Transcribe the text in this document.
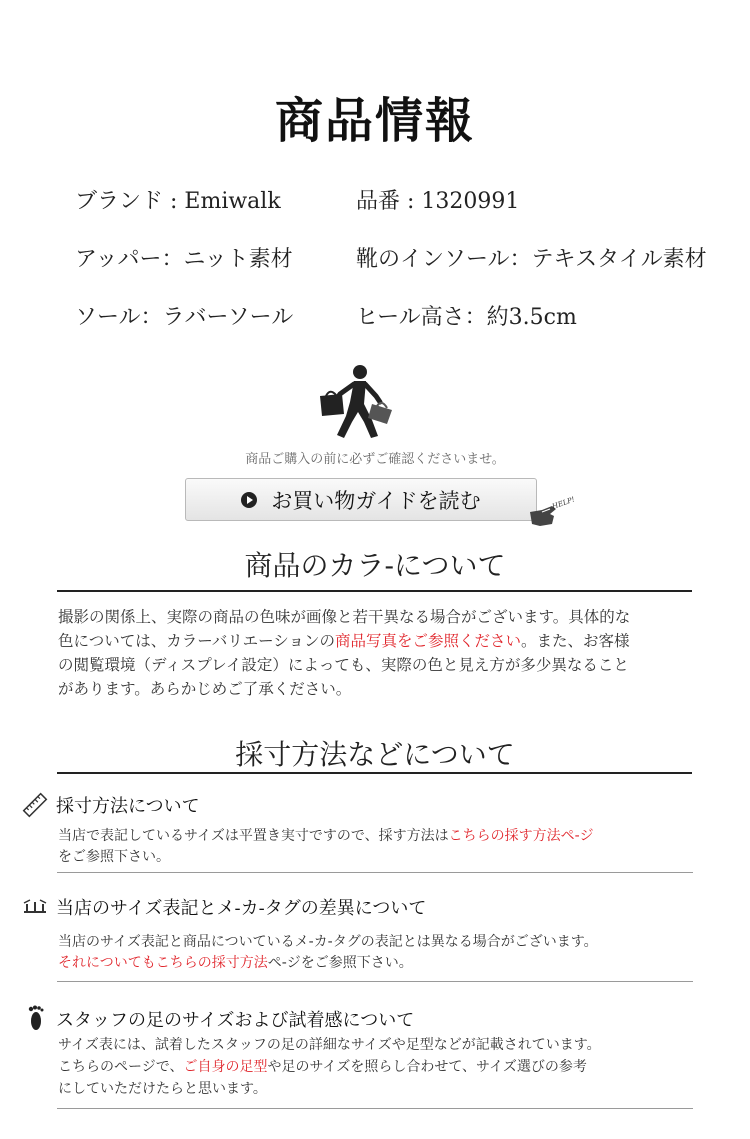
商品情報
ブランド : Emiwalk	品番 : 1320991
アッパー：ニット素材	靴のインソール：テキスタイル素材
ソール：ラバーソール	ヒール高さ：約3.5cm
商品ご購入の前に必ずご確認くださいませ。
お買い物ガイドを読む	HELP!
商品のカラ-について
撮影の関係上、実際の商品の色味が画像と若干異なる場合がございます。具体的な
色については、カラーバリエーションの商品写真をご参照ください。また、お客様
の閲覧環境（ディスプレイ設定）によっても、実際の色と見え方が多少異なること
があります。あらかじめご了承ください。
採寸方法などについて
採寸方法について
当店で表記しているサイズは平置き実寸ですので、採す方法はこちらの採す方法ペ-ジ
をご参照下さい。
当店のサイズ表記とメ-カ-タグの差異について
当店のサイズ表記と商品についているメ-カ-タグの表記とは異なる場合がございます。
それについてもこちらの採寸方法ペ-ジをご参照下さい。
スタッフの足のサイズおよび試着感について
サイズ表には、試着したスタッフの足の詳細なサイズや足型などが記載されています。
こちらのページで、ご自身の足型や足のサイズを照らし合わせて、サイズ選びの参考
にしていただけたらと思います。
